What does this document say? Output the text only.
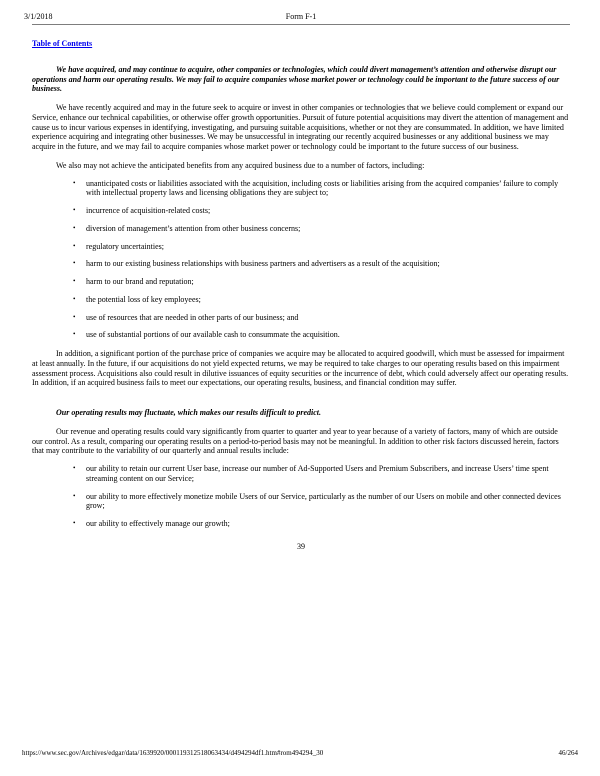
3/1/2018	Form F-1
Table of Contents

We have acquired, and may continue to acquire, other companies or technologies, which could divert management’s attention and otherwise disrupt our operations and harm our operating results. We may fail to acquire companies whose market power or technology could be important to the future success of our business.

We have recently acquired and may in the future seek to acquire or invest in other companies or technologies that we believe could complement or expand our Service, enhance our technical capabilities, or otherwise offer growth opportunities. Pursuit of future potential acquisitions may divert the attention of management and cause us to incur various expenses in identifying, investigating, and pursuing suitable acquisitions, whether or not they are consummated. In addition, we have limited experience acquiring and integrating other businesses. We may be unsuccessful in integrating our recently acquired businesses or any additional business we may acquire in the future, and we may fail to acquire companies whose market power or technology could be important to the future success of our business.

We also may not achieve the anticipated benefits from any acquired business due to a number of factors, including:

• unanticipated costs or liabilities associated with the acquisition, including costs or liabilities arising from the acquired companies’ failure to comply with intellectual property laws and licensing obligations they are subject to;
• incurrence of acquisition-related costs;
• diversion of management’s attention from other business concerns;
• regulatory uncertainties;
• harm to our existing business relationships with business partners and advertisers as a result of the acquisition;
• harm to our brand and reputation;
• the potential loss of key employees;
• use of resources that are needed in other parts of our business; and
• use of substantial portions of our available cash to consummate the acquisition.

In addition, a significant portion of the purchase price of companies we acquire may be allocated to acquired goodwill, which must be assessed for impairment at least annually. In the future, if our acquisitions do not yield expected returns, we may be required to take charges to our operating results based on this impairment assessment process. Acquisitions also could result in dilutive issuances of equity securities or the incurrence of debt, which could adversely affect our operating results. In addition, if an acquired business fails to meet our expectations, our operating results, business, and financial condition may suffer.

Our operating results may fluctuate, which makes our results difficult to predict.

Our revenue and operating results could vary significantly from quarter to quarter and year to year because of a variety of factors, many of which are outside our control. As a result, comparing our operating results on a period-to-period basis may not be meaningful. In addition to other risk factors discussed herein, factors that may contribute to the variability of our quarterly and annual results include:

• our ability to retain our current User base, increase our number of Ad-Supported Users and Premium Subscribers, and increase Users’ time spent streaming content on our Service;
• our ability to more effectively monetize mobile Users of our Service, particularly as the number of our Users on mobile and other connected devices grow;
• our ability to effectively manage our growth;
39
https://www.sec.gov/Archives/edgar/data/1639920/000119312518063434/d494294df1.htm#rom494294_30	46/264
